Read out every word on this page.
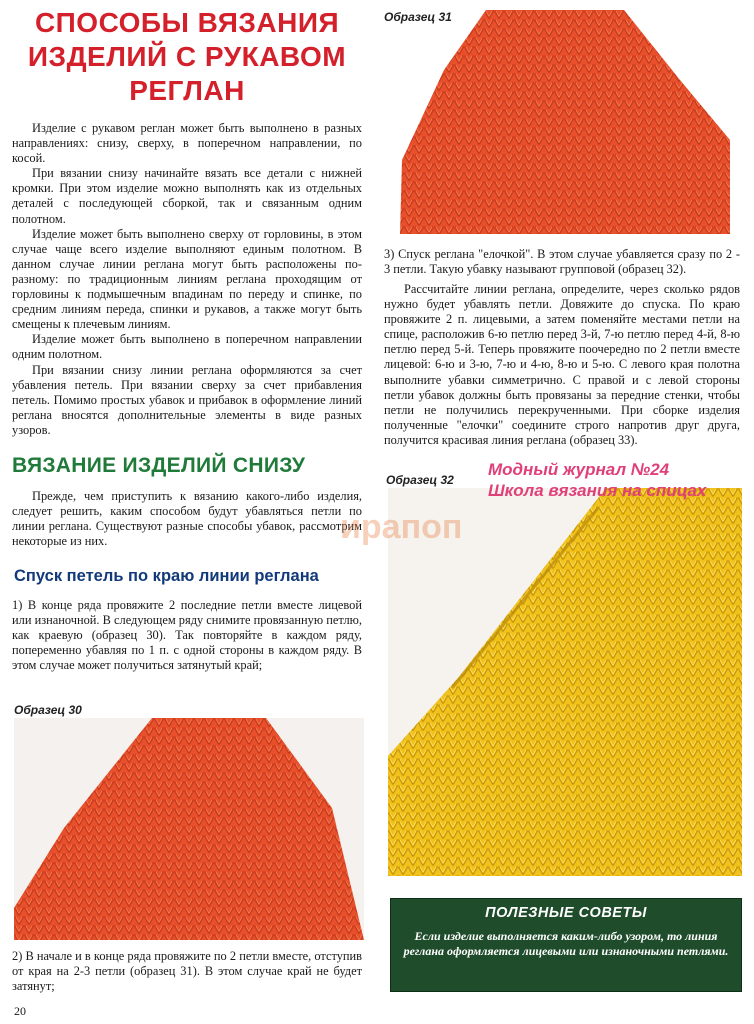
СПОСОБЫ ВЯЗАНИЯ
ИЗДЕЛИЙ С РУКАВОМ
РЕГЛАН

Изделие с рукавом реглан может быть выполнено в разных направлениях: снизу, сверху, в поперечном направлении, по косой.

При вязании снизу начинайте вязать все детали с нижней кромки. При этом изделие можно выполнять как из отдельных деталей с последующей сборкой, так и связанным одним полотном.

Изделие может быть выполнено сверху от горловины, в этом случае чаще всего изделие выполняют единым полотном. В данном случае линии реглана могут быть расположены по-разному: по традиционным линиям реглана проходящим от горловины к подмышечным впадинам по переду и спинке, по средним линиям переда, спинки и рукавов, а также могут быть смещены к плечевым линиям.

Изделие может быть выполнено в поперечном направлении одним полотном.

При вязании снизу линии реглана оформляются за счет убавления петель. При вязании сверху за счет прибавления петель. Помимо простых убавок и прибавок в оформление линий реглана вносятся дополнительные элементы в виде разных узоров.

ВЯЗАНИЕ ИЗДЕЛИЙ СНИЗУ

Прежде, чем приступить к вязанию какого-либо изделия, следует решить, каким способом будут убавляться петли по линии реглана. Существуют разные способы убавок, рассмотрим некоторые из них.

Спуск петель по краю линии реглана

1) В конце ряда провяжите 2 последние петли вместе лицевой или изнаночной. В следующем ряду снимите провязанную петлю, как краевую (образец 30). Так повторяйте в каждом ряду, попеременно убавляя по 1 п. с одной стороны в каждом ряду. В этом случае может получиться затянутый край;

Образец 30

2) В начале и в конце ряда провяжите по 2 петли вместе, отступив от края на 2-3 петли (образец 31). В этом случае край не будет затянут;

Образец 31

3) Спуск реглана "елочкой". В этом случае убавляется сразу по 2 - 3 петли. Такую убавку называют групповой (образец 32).

Рассчитайте линии реглана, определите, через сколько рядов нужно будет убавлять петли. Довяжите до спуска. По краю провяжите 2 п. лицевыми, а затем поменяйте местами петли на спице, расположив 6-ю петлю перед 3-й, 7-ю петлю перед 4-й, 8-ю петлю перед 5-й. Теперь провяжите поочередно по 2 петли вместе лицевой: 6-ю и 3-ю, 7-ю и 4-ю, 8-ю и 5-ю. С левого края полотна выполните убавки симметрично. С правой и с левой стороны петли убавок должны быть провязаны за передние стенки, чтобы петли не получились перекрученными. При сборке изделия полученные "елочки" соедините строго напротив друг друга, получится красивая линия реглана (образец 33).

Образец 32
Модный журнал №24
Школа вязания на спицах
ирапоп
ПОЛЕЗНЫЕ СОВЕТЫ
Если изделие выполняется каким-либо узором, то линия реглана оформляется лицевыми или изнаночными петлями.
20
